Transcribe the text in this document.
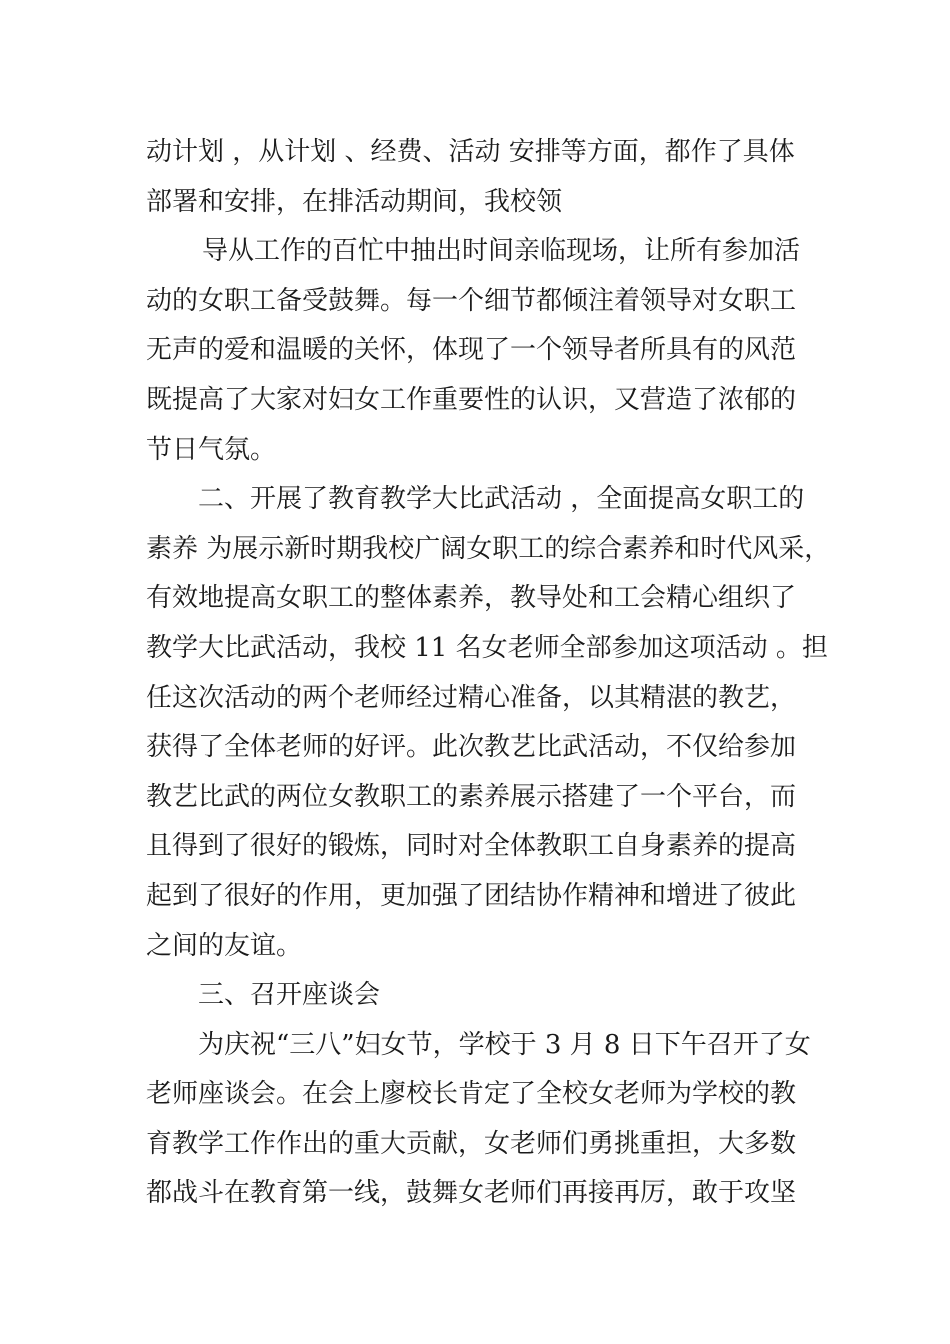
动计划 ，从计划 、经费、活动 安排等方面，都作了具体
部署和安排，在排活动期间，我校领
导从工作的百忙中抽出时间亲临现场，让所有参加活
动的女职工备受鼓舞。每一个细节都倾注着领导对女职工
无声的爱和温暖的关怀，体现了一个领导者所具有的风范
既提高了大家对妇女工作重要性的认识，又营造了浓郁的
节日气氛。
二、开展了教育教学大比武活动 ，全面提高女职工的
素养 为展示新时期我校广阔女职工的综合素养和时代风采，
有效地提高女职工的整体素养，教导处和工会精心组织了
教学大比武活动，我校 11 名女老师全部参加这项活动 。担
任这次活动的两个老师经过精心准备，以其精湛的教艺，
获得了全体老师的好评。此次教艺比武活动，不仅给参加
教艺比武的两位女教职工的素养展示搭建了一个平台，而
且得到了很好的锻炼，同时对全体教职工自身素养的提高
起到了很好的作用，更加强了团结协作精神和增进了彼此
之间的友谊。
三、召开座谈会
为庆祝“三八”妇女节，学校于 3 月 8 日下午召开了女
老师座谈会。在会上廖校长肯定了全校女老师为学校的教
育教学工作作出的重大贡献，女老师们勇挑重担，大多数
都战斗在教育第一线，鼓舞女老师们再接再厉，敢于攻坚
